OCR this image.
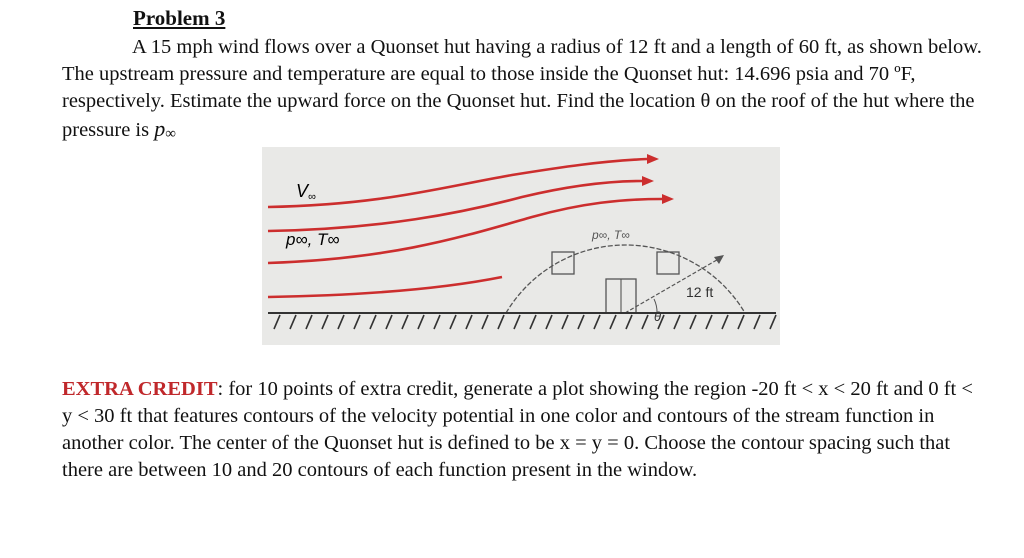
Problem 3
A 15 mph wind flows over a Quonset hut having a radius of 12 ft and a length of 60 ft, as shown below. The upstream pressure and temperature are equal to those inside the Quonset hut: 14.696 psia and 70 ºF, respectively. Estimate the upward force on the Quonset hut. Find the location θ on the roof of the hut where the pressure is $p_\infty$
V∞
p∞, T∞	p∞, T∞
12 ft
θ
EXTRA CREDIT: for 10 points of extra credit, generate a plot showing the region -20 ft < x < 20 ft and 0 ft < y < 30 ft that features contours of the velocity potential in one color and contours of the stream function in another color. The center of the Quonset hut is defined to be x = y = 0. Choose the contour spacing such that there are between 10 and 20 contours of each function present in the window.
